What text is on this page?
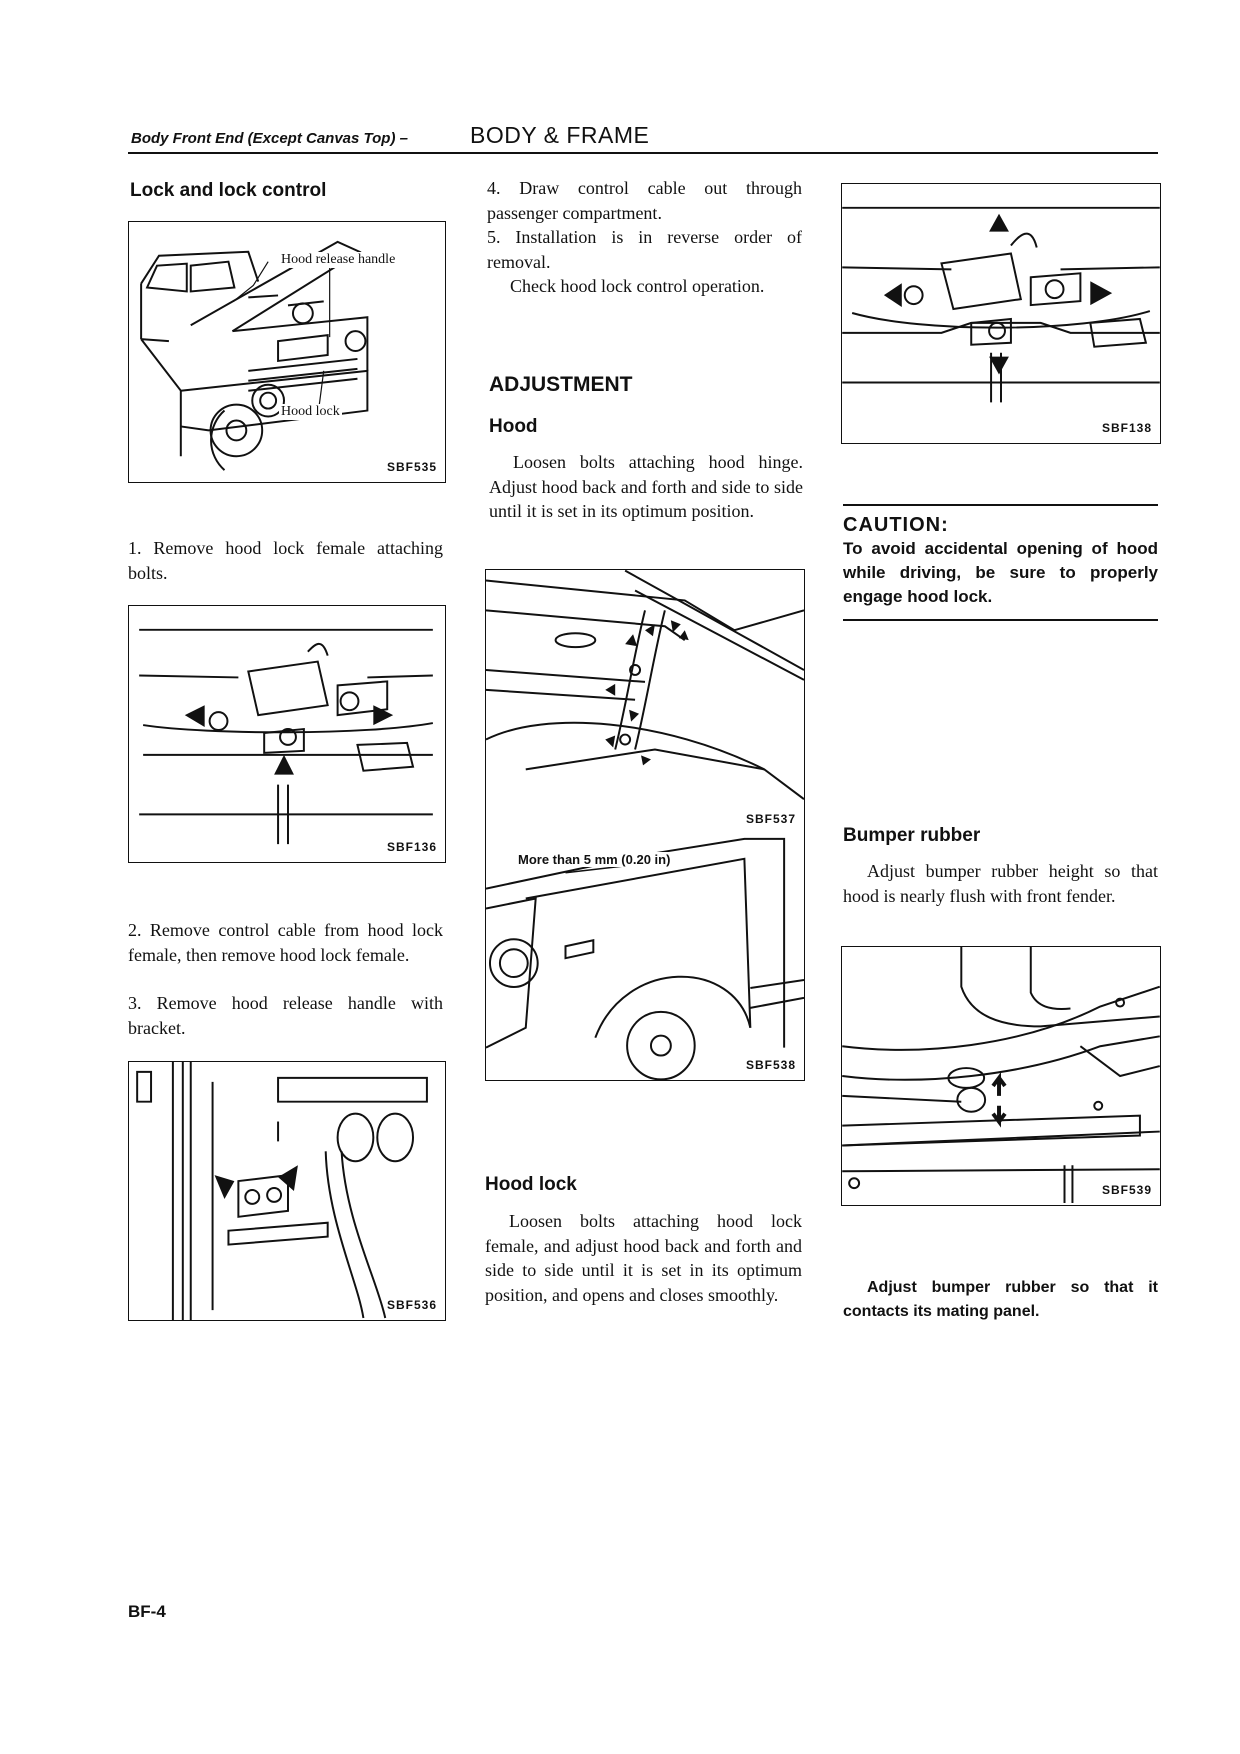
Body Front End (Except Canvas Top) –	BODY & FRAME
Lock and lock control
Hood release handle
Hood lock
SBF535
1. Remove hood lock female attaching bolts.
SBF136
2. Remove control cable from hood lock female, then remove hood lock female.
3. Remove hood release handle with bracket.
SBF536
4. Draw control cable out through passenger compartment.
5. Installation is in reverse order of removal.
Check hood lock control operation.
ADJUSTMENT
Hood
Loosen bolts attaching hood hinge. Adjust hood back and forth and side to side until it is set in its optimum position.
SBF537
More than 5 mm (0.20 in)
SBF538
Hood lock
Loosen bolts attaching hood lock female, and adjust hood back and forth and side to side until it is set in its optimum position, and opens and closes smoothly.
SBF138
CAUTION:
To avoid accidental opening of hood while driving, be sure to properly engage hood lock.
Bumper rubber
Adjust bumper rubber height so that hood is nearly flush with front fender.
SBF539
Adjust bumper rubber so that it contacts its mating panel.
BF-4
